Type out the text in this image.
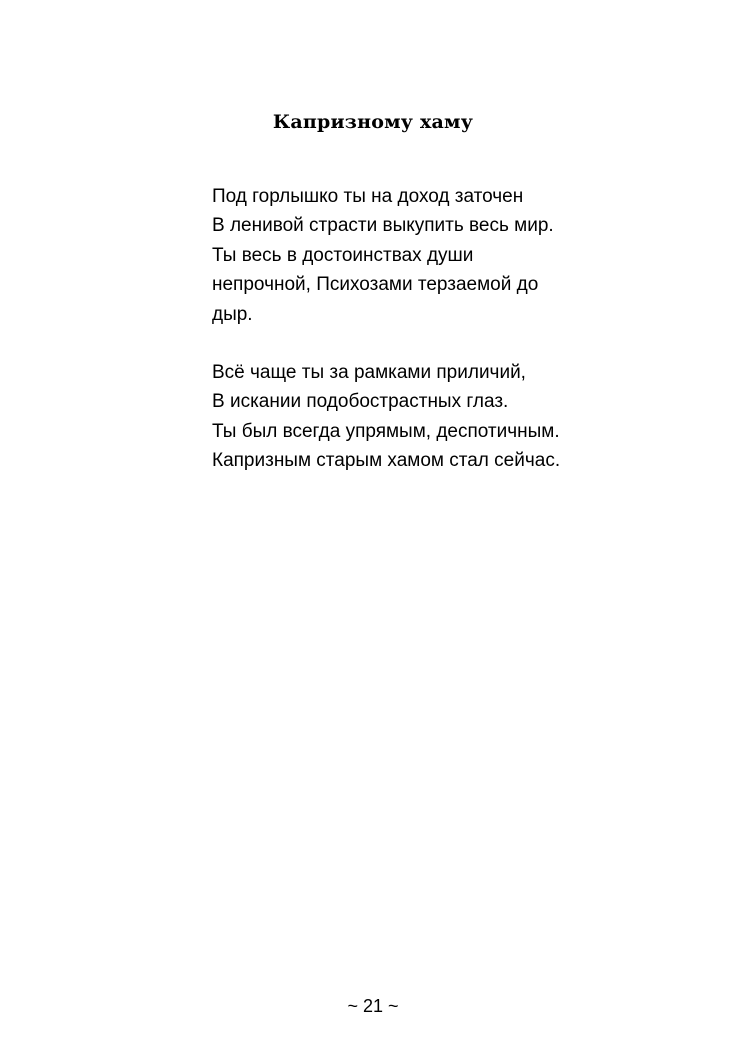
Капризному хаму
Под горлышко ты на доход заточен
В ленивой страсти выкупить весь мир.
Ты весь в достоинствах души
непрочной, Психозами терзаемой до
дыр.
Всё чаще ты за рамками приличий,
В искании подобострастных глаз.
Ты был всегда упрямым, деспотичным.
Капризным старым хамом стал сейчас.
~ 21 ~
